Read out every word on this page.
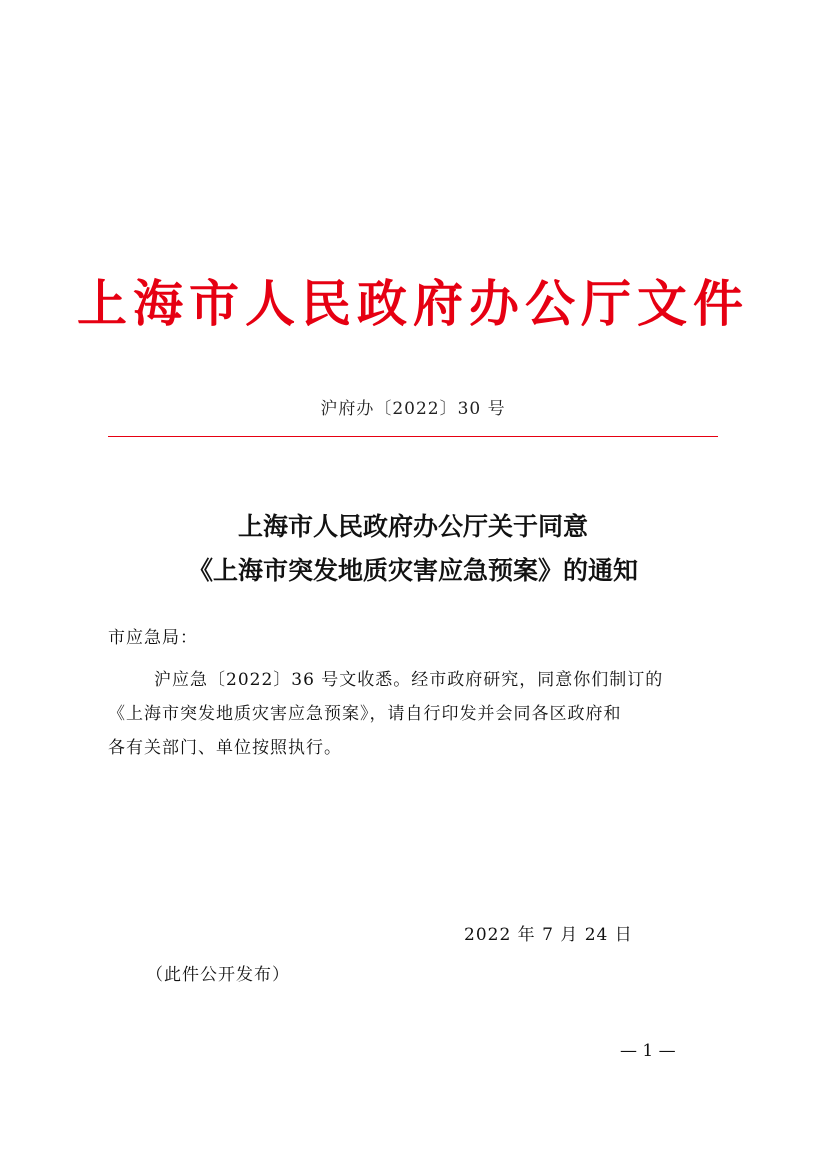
上海市人民政府办公厅文件
沪府办〔2022〕30 号
上海市人民政府办公厅关于同意
《上海市突发地质灾害应急预案》的通知
市应急局：
沪应急〔2022〕36 号文收悉。经市政府研究，同意你们制订的
《上海市突发地质灾害应急预案》，请自行印发并会同各区政府和
各有关部门、单位按照执行。
2022 年 7 月 24 日
（此件公开发布）
— 1 —
